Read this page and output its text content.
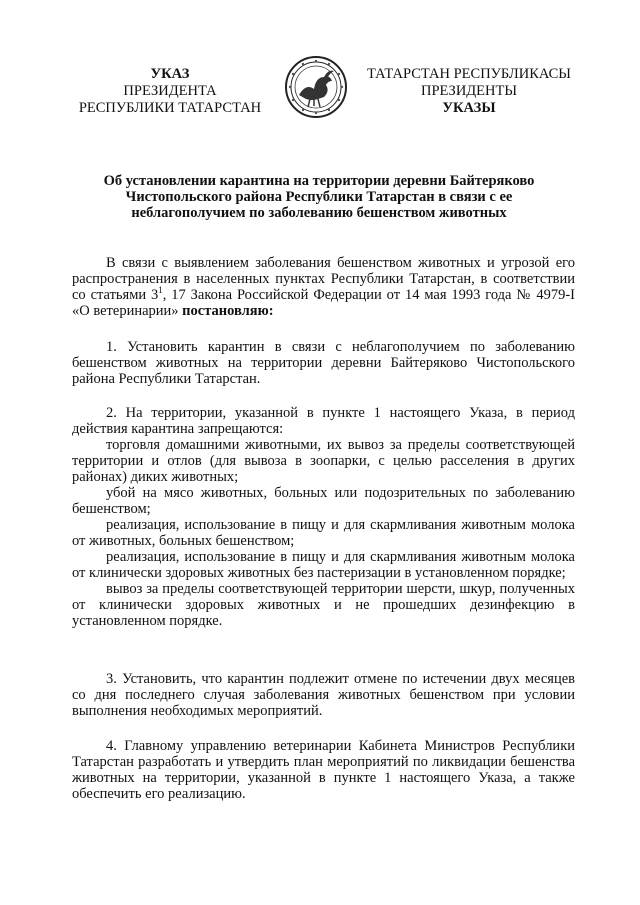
УКАЗ
ПРЕЗИДЕНТА
РЕСПУБЛИКИ ТАТАРСТАН
ТАТАРСТАН РЕСПУБЛИКАСЫ
ПРЕЗИДЕНТЫ
УКАЗЫ
Об установлении карантина на территории деревни Байтеряково
Чистопольского района Республики Татарстан в связи с ее
неблагополучием по заболеванию бешенством животных

В связи с выявлением заболевания бешенством животных и угрозой его распространения в населенных пунктах Республики Татарстан, в соответствии со статьями $3^1$, 17 Закона Российской Федерации от 14 мая 1993 года № 4979-I «О ветеринарии» постановляю:

1. Установить карантин в связи с неблагополучием по заболеванию бешенством животных на территории деревни Байтеряково Чистопольского района Республики Татарстан.

2. На территории, указанной в пункте 1 настоящего Указа, в период действия карантина запрещаются:

торговля домашними животными, их вывоз за пределы соответствующей территории и отлов (для вывоза в зоопарки, с целью расселения в других районах) диких животных;

убой на мясо животных, больных или подозрительных по заболеванию бешенством;

реализация, использование в пищу и для скармливания животным молока от животных, больных бешенством;

реализация, использование в пищу и для скармливания животным молока от клинически здоровых животных без пастеризации в установленном порядке;

вывоз за пределы соответствующей территории шерсти, шкур, полученных от клинически здоровых животных и не прошедших дезинфекцию в установленном порядке.

3. Установить, что карантин подлежит отмене по истечении двух месяцев со дня последнего случая заболевания животных бешенством при условии выполнения необходимых мероприятий.

4. Главному управлению ветеринарии Кабинета Министров Республики Татарстан разработать и утвердить план мероприятий по ликвидации бешенства животных на территории, указанной в пункте 1 настоящего Указа, а также обеспечить его реализацию.
